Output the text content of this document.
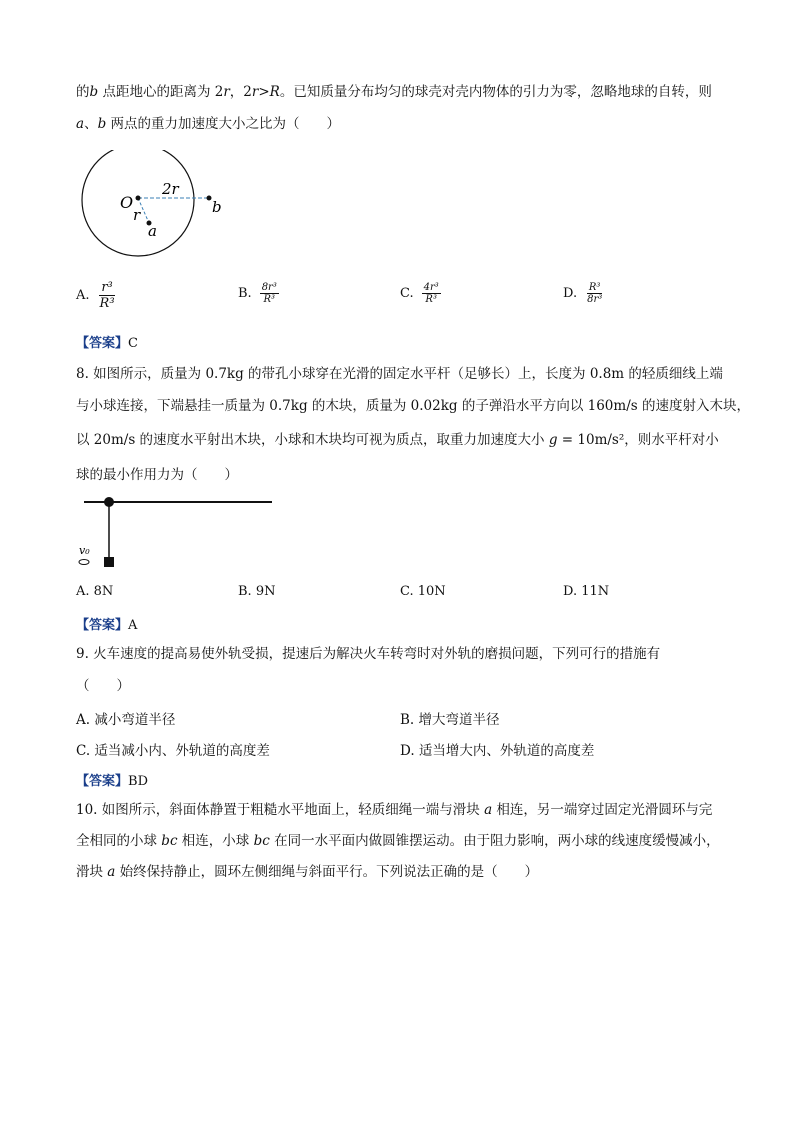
的b 点距地心的距离为 2r，2r>R。已知质量分布均匀的球壳对壳内物体的引力为零，忽略地球的自转，则
a、b 两点的重力加速度大小之比为（　　）
O
2r
b
r
a
A. $\frac{\text{r³}}{\text{R³}}$	B. $\frac{\text{8r³}}{\text{R³}}$	C. $\frac{\text{4r³}}{\text{R³}}$	D. $\frac{\text{R³}}{\text{8r³}}$
【答案】C
8. 如图所示，质量为 0.7kg 的带孔小球穿在光滑的固定水平杆（足够长）上，长度为 0.8m 的轻质细线上端
与小球连接，下端悬挂一质量为 0.7kg 的木块，质量为 0.02kg 的子弹沿水平方向以 160m/s 的速度射入木块，
以 20m/s 的速度水平射出木块，小球和木块均可视为质点，取重力加速度大小 g = 10m/s²，则水平杆对小
球的最小作用力为（　　）
v₀
A. 8N	B. 9N	C. 10N	D. 11N
【答案】A
9. 火车速度的提高易使外轨受损，提速后为解决火车转弯时对外轨的磨损问题，下列可行的措施有
（　　）
A. 减小弯道半径	B. 增大弯道半径
C. 适当减小内、外轨道的高度差	D. 适当增大内、外轨道的高度差
【答案】BD
10. 如图所示，斜面体静置于粗糙水平地面上，轻质细绳一端与滑块 a 相连，另一端穿过固定光滑圆环与完
全相同的小球 bc 相连，小球 bc 在同一水平面内做圆锥摆运动。由于阻力影响，两小球的线速度缓慢减小，
滑块 a 始终保持静止，圆环左侧细绳与斜面平行。下列说法正确的是（　　）
